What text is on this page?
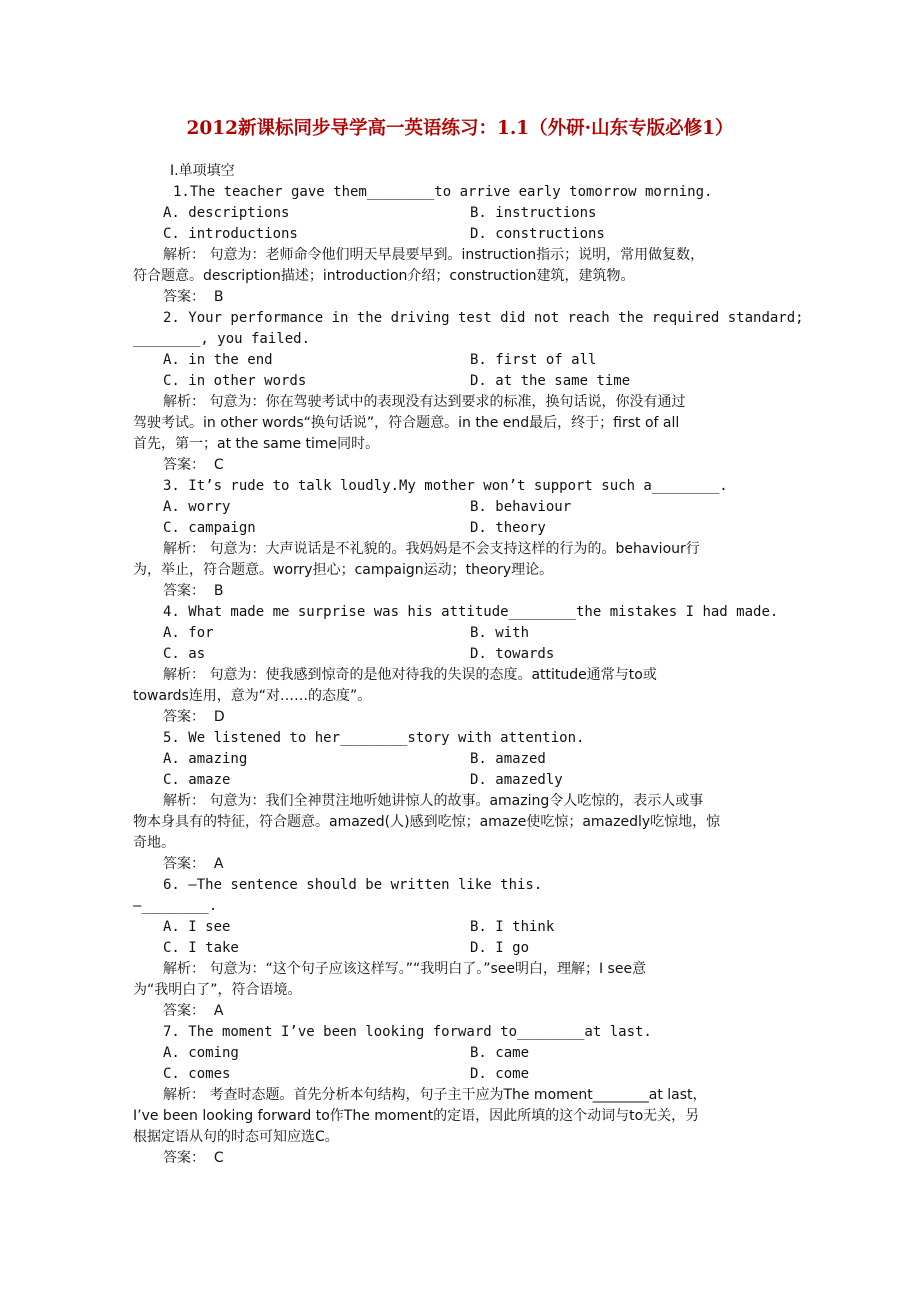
2012新课标同步导学高一英语练习：1.1（外研·山东专版必修1）
Ⅰ.单项填空
1.The teacher gave them________to arrive early tomorrow morning.
A. descriptions	B. instructions
C. introductions	D. constructions
解析： 句意为：老师命令他们明天早晨要早到。instruction指示；说明，常用做复数，
符合题意。description描述；introduction介绍；construction建筑，建筑物。
答案：  B
2. Your performance in the driving test did not reach the required standard;
________, you failed.
A. in the end	B. first of all
C. in other words	D. at the same time
解析： 句意为：你在驾驶考试中的表现没有达到要求的标准，换句话说，你没有通过
驾驶考试。in other words“换句话说”，符合题意。in the end最后，终于；first of all
首先，第一；at the same time同时。
答案：  C
3. It’s rude to talk loudly.My mother won’t support such a________.
A. worry	B. behaviour
C. campaign	D. theory
解析： 句意为：大声说话是不礼貌的。我妈妈是不会支持这样的行为的。behaviour行
为，举止，符合题意。worry担心；campaign运动；theory理论。
答案：  B
4. What made me surprise was his attitude________the mistakes I had made.
A. for	B. with
C. as	D. towards
解析： 句意为：使我感到惊奇的是他对待我的失误的态度。attitude通常与to或
towards连用，意为“对……的态度”。
答案：  D
5. We listened to her________story with attention.
A. amazing	B. amazed
C. amaze	D. amazedly
解析： 句意为：我们全神贯注地听她讲惊人的故事。amazing令人吃惊的，表示人或事
物本身具有的特征，符合题意。amazed(人)感到吃惊；amaze使吃惊；amazedly吃惊地，惊
奇地。
答案：  A
6. —The sentence should be written like this.
—________.
A. I see	B. I think
C. I take	D. I go
解析： 句意为：“这个句子应该这样写。”“我明白了。”see明白，理解；I see意
为“我明白了”，符合语境。
答案：  A
7. The moment I’ve been looking forward to________at last.
A. coming	B. came
C. comes	D. come
解析： 考查时态题。首先分析本句结构，句子主干应为The moment________at last，
I’ve been looking forward to作The moment的定语，因此所填的这个动词与to无关，另
根据定语从句的时态可知应选C。
答案：  C
